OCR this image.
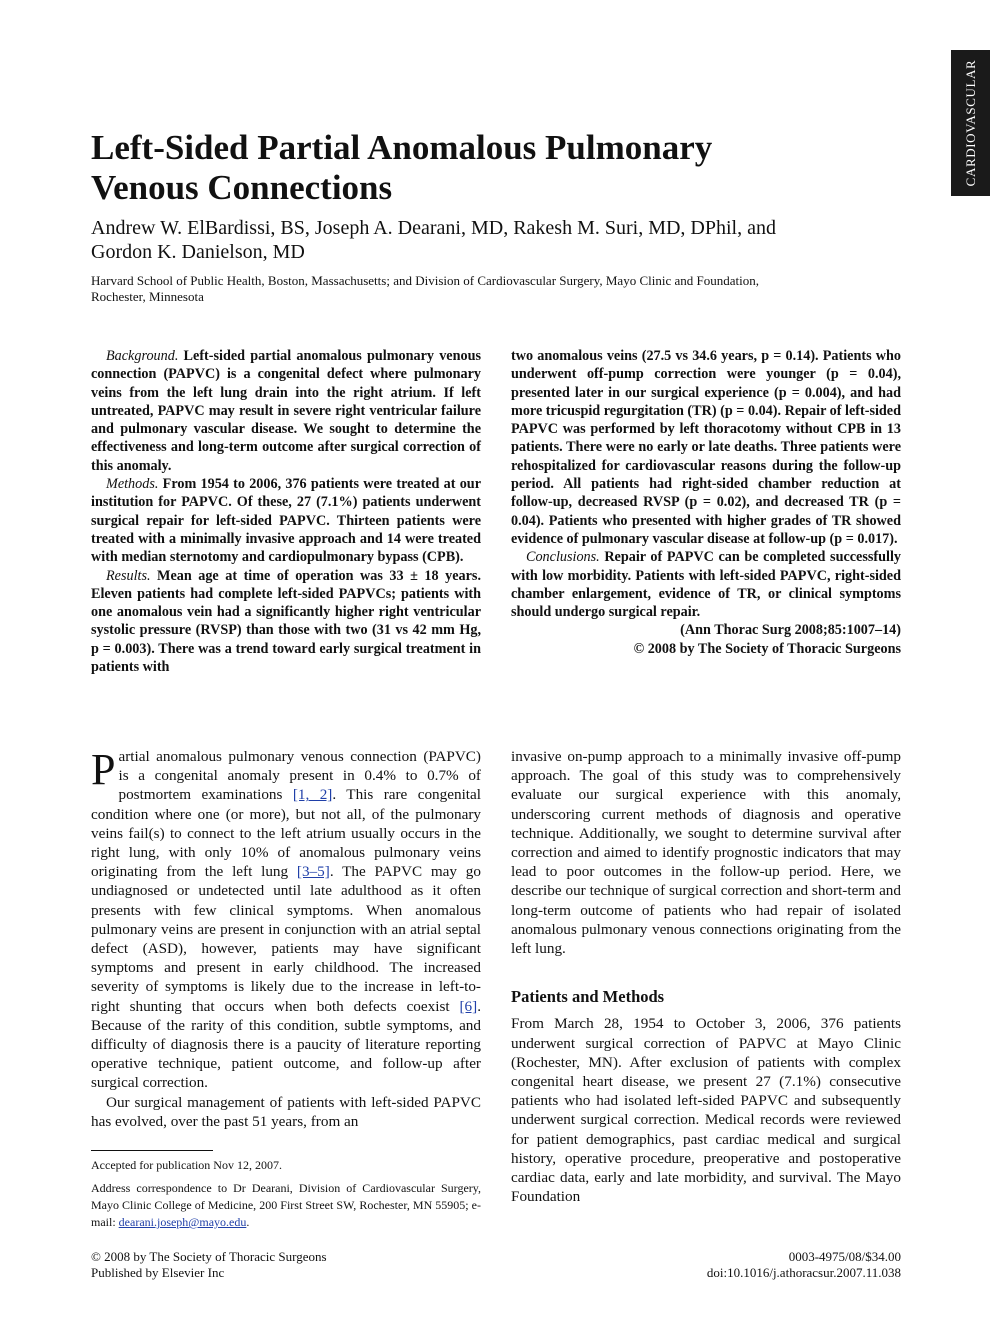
CARDIOVASCULAR
Left-Sided Partial Anomalous Pulmonary
Venous Connections
Andrew W. ElBardissi, BS, Joseph A. Dearani, MD, Rakesh M. Suri, MD, DPhil, and
Gordon K. Danielson, MD
Harvard School of Public Health, Boston, Massachusetts; and Division of Cardiovascular Surgery, Mayo Clinic and Foundation,
Rochester, Minnesota

Background. Left-sided partial anomalous pulmonary venous connection (PAPVC) is a congenital defect where pulmonary veins from the left lung drain into the right atrium. If left untreated, PAPVC may result in severe right ventricular failure and pulmonary vascular disease. We sought to determine the effectiveness and long-term outcome after surgical correction of this anomaly.

Methods. From 1954 to 2006, 376 patients were treated at our institution for PAPVC. Of these, 27 (7.1%) patients underwent surgical repair for left-sided PAPVC. Thirteen patients were treated with a minimally invasive approach and 14 were treated with median sternotomy and cardiopulmonary bypass (CPB).

Results. Mean age at time of operation was 33 ± 18 years. Eleven patients had complete left-sided PAPVCs; patients with one anomalous vein had a significantly higher right ventricular systolic pressure (RVSP) than those with two (31 vs 42 mm Hg, p = 0.003). There was a trend toward early surgical treatment in patients with

two anomalous veins (27.5 vs 34.6 years, p = 0.14). Patients who underwent off-pump correction were younger (p = 0.04), presented later in our surgical experience (p = 0.004), and had more tricuspid regurgitation (TR) (p = 0.04). Repair of left-sided PAPVC was performed by left thoracotomy without CPB in 13 patients. There were no early or late deaths. Three patients were rehospitalized for cardiovascular reasons during the follow-up period. All patients had right-sided chamber reduction at follow-up, decreased RVSP (p = 0.02), and decreased TR (p = 0.04). Patients who presented with higher grades of TR showed evidence of pulmonary vascular disease at follow-up (p = 0.017).

Conclusions. Repair of PAPVC can be completed successfully with low morbidity. Patients with left-sided PAPVC, right-sided chamber enlargement, evidence of TR, or clinical symptoms should undergo surgical repair.

(Ann Thorac Surg 2008;85:1007–14)

© 2008 by The Society of Thoracic Surgeons

Partial anomalous pulmonary venous connection (PAPVC) is a congenital anomaly present in 0.4% to 0.7% of postmortem examinations [1, 2]. This rare congenital condition where one (or more), but not all, of the pulmonary veins fail(s) to connect to the left atrium usually occurs in the right lung, with only 10% of anomalous pulmonary veins originating from the left lung [3–5]. The PAPVC may go undiagnosed or undetected until late adulthood as it often presents with few clinical symptoms. When anomalous pulmonary veins are present in conjunction with an atrial septal defect (ASD), however, patients may have significant symptoms and present in early childhood. The increased severity of symptoms is likely due to the increase in left-to-right shunting that occurs when both defects coexist [6]. Because of the rarity of this condition, subtle symptoms, and difficulty of diagnosis there is a paucity of literature reporting operative technique, patient outcome, and follow-up after surgical correction.

Our surgical management of patients with left-sided PAPVC has evolved, over the past 51 years, from an

invasive on-pump approach to a minimally invasive off-pump approach. The goal of this study was to comprehensively evaluate our surgical experience with this anomaly, underscoring current methods of diagnosis and operative technique. Additionally, we sought to determine survival after correction and aimed to identify prognostic indicators that may lead to poor outcomes in the follow-up period. Here, we describe our technique of surgical correction and short-term and long-term outcome of patients who had repair of isolated anomalous pulmonary venous connections originating from the left lung.

Patients and Methods

From March 28, 1954 to October 3, 2006, 376 patients underwent surgical correction of PAPVC at Mayo Clinic (Rochester, MN). After exclusion of patients with complex congenital heart disease, we present 27 (7.1%) consecutive patients who had isolated left-sided PAPVC and subsequently underwent surgical correction. Medical records were reviewed for patient demographics, past cardiac medical and surgical history, operative procedure, preoperative and postoperative cardiac data, early and late morbidity, and survival. The Mayo Foundation

Accepted for publication Nov 12, 2007.
Address correspondence to Dr Dearani, Division of Cardiovascular Surgery, Mayo Clinic College of Medicine, 200 First Street SW, Rochester, MN 55905; e-mail: dearani.joseph@mayo.edu.
© 2008 by The Society of Thoracic Surgeons
Published by Elsevier Inc
0003-4975/08/$34.00
doi:10.1016/j.athoracsur.2007.11.038
